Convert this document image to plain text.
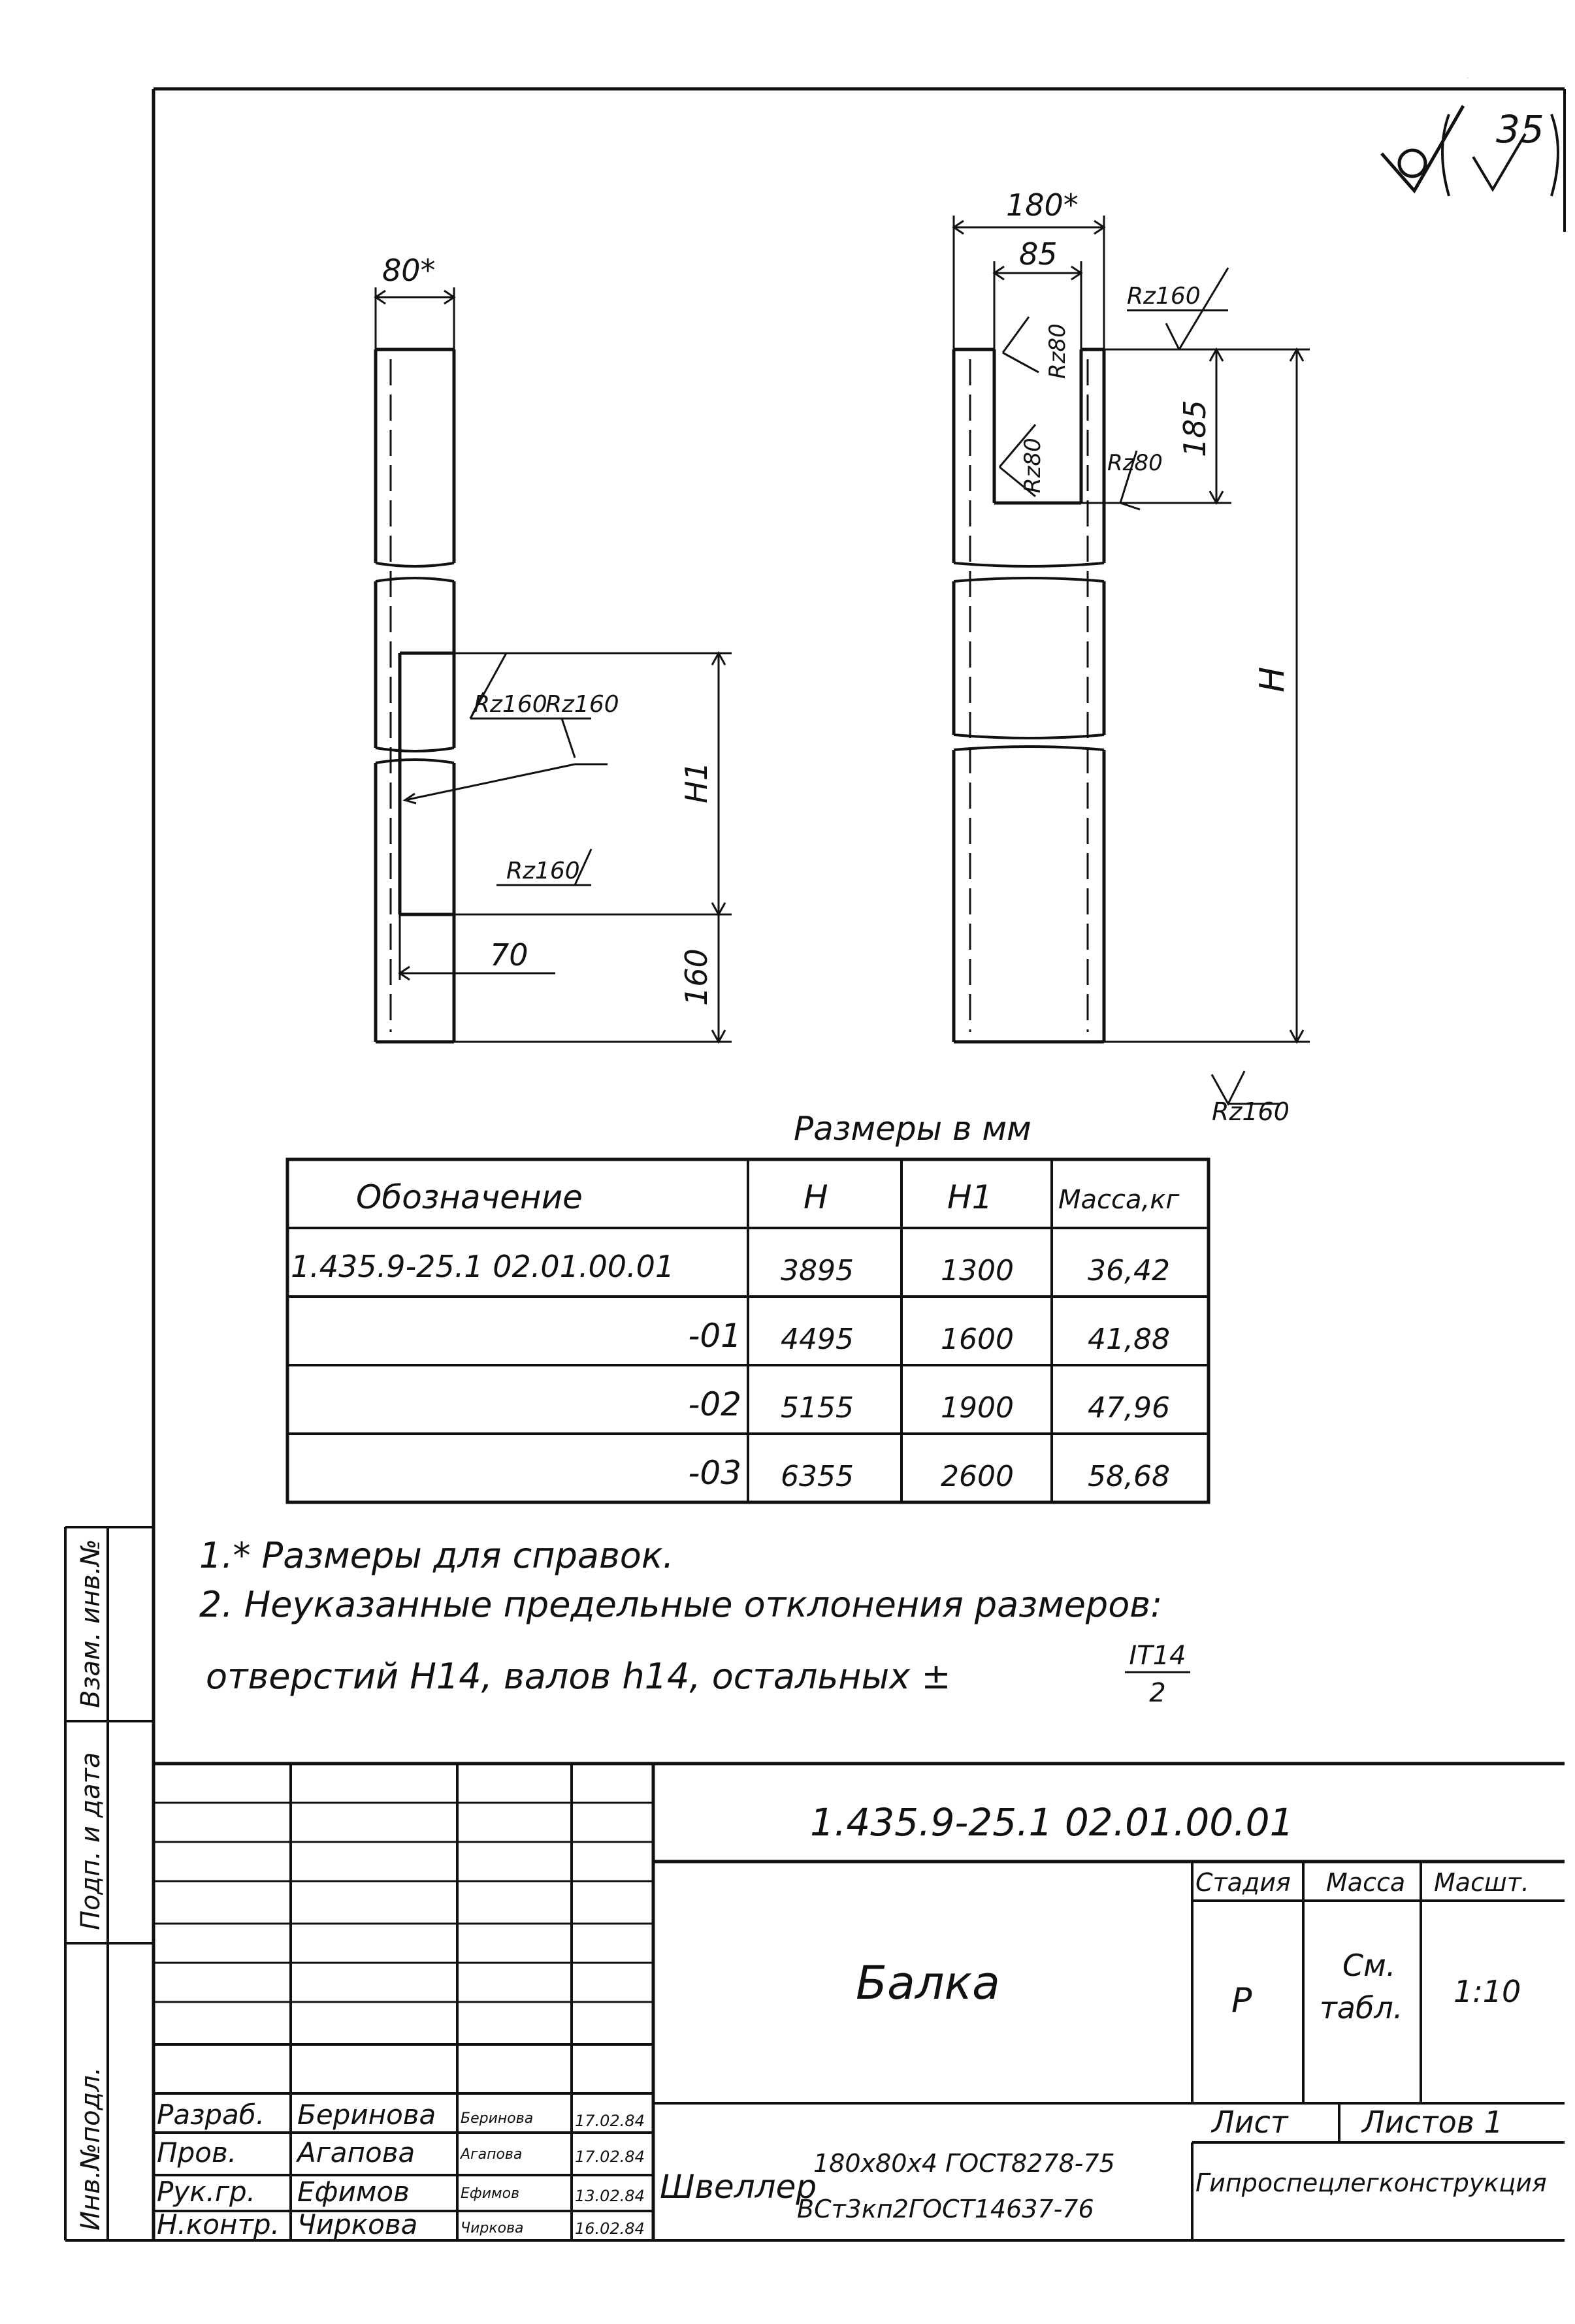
35
Rz160
80*
H1
160
70
Rz160
Rz160
Rz160
180*
85
185
H
Rz160
Rz80
Rz80	Rz80
Rz160
Размеры в мм
Обозначение	H	H1	Масса,кг
1.435.9-25.1 02.01.00.01	3895	1300	36,42
-01 4495	1600	41,88
-02 5155	1900	47,96
-03 6355	2600	58,68
1.* Размеры для справок.
2. Неуказанные предельные отклонения размеров:
отверстий H14, валов h14, остальных ±	IT14
2
Инв.№подл.
Подп. и дата
Взам. инв.№
1.435.9-25.1 02.01.00.01
Балка
Стадия Масса Масшт.
Р
См.
табл. 1:10
Лист Листов 1
Гипроспецлегконструкция
Швеллер
180x80x4 ГОСТ8278-75
ВСт3кп2ГОСТ14637-76
Разраб. Беринова Беринова	17.02.84
Пров. Агапова	Агапова	17.02.84
Рук.гр. Ефимов	Ефимов	13.02.84
Н.контр. Чиркова	Чиркова	16.02.84
